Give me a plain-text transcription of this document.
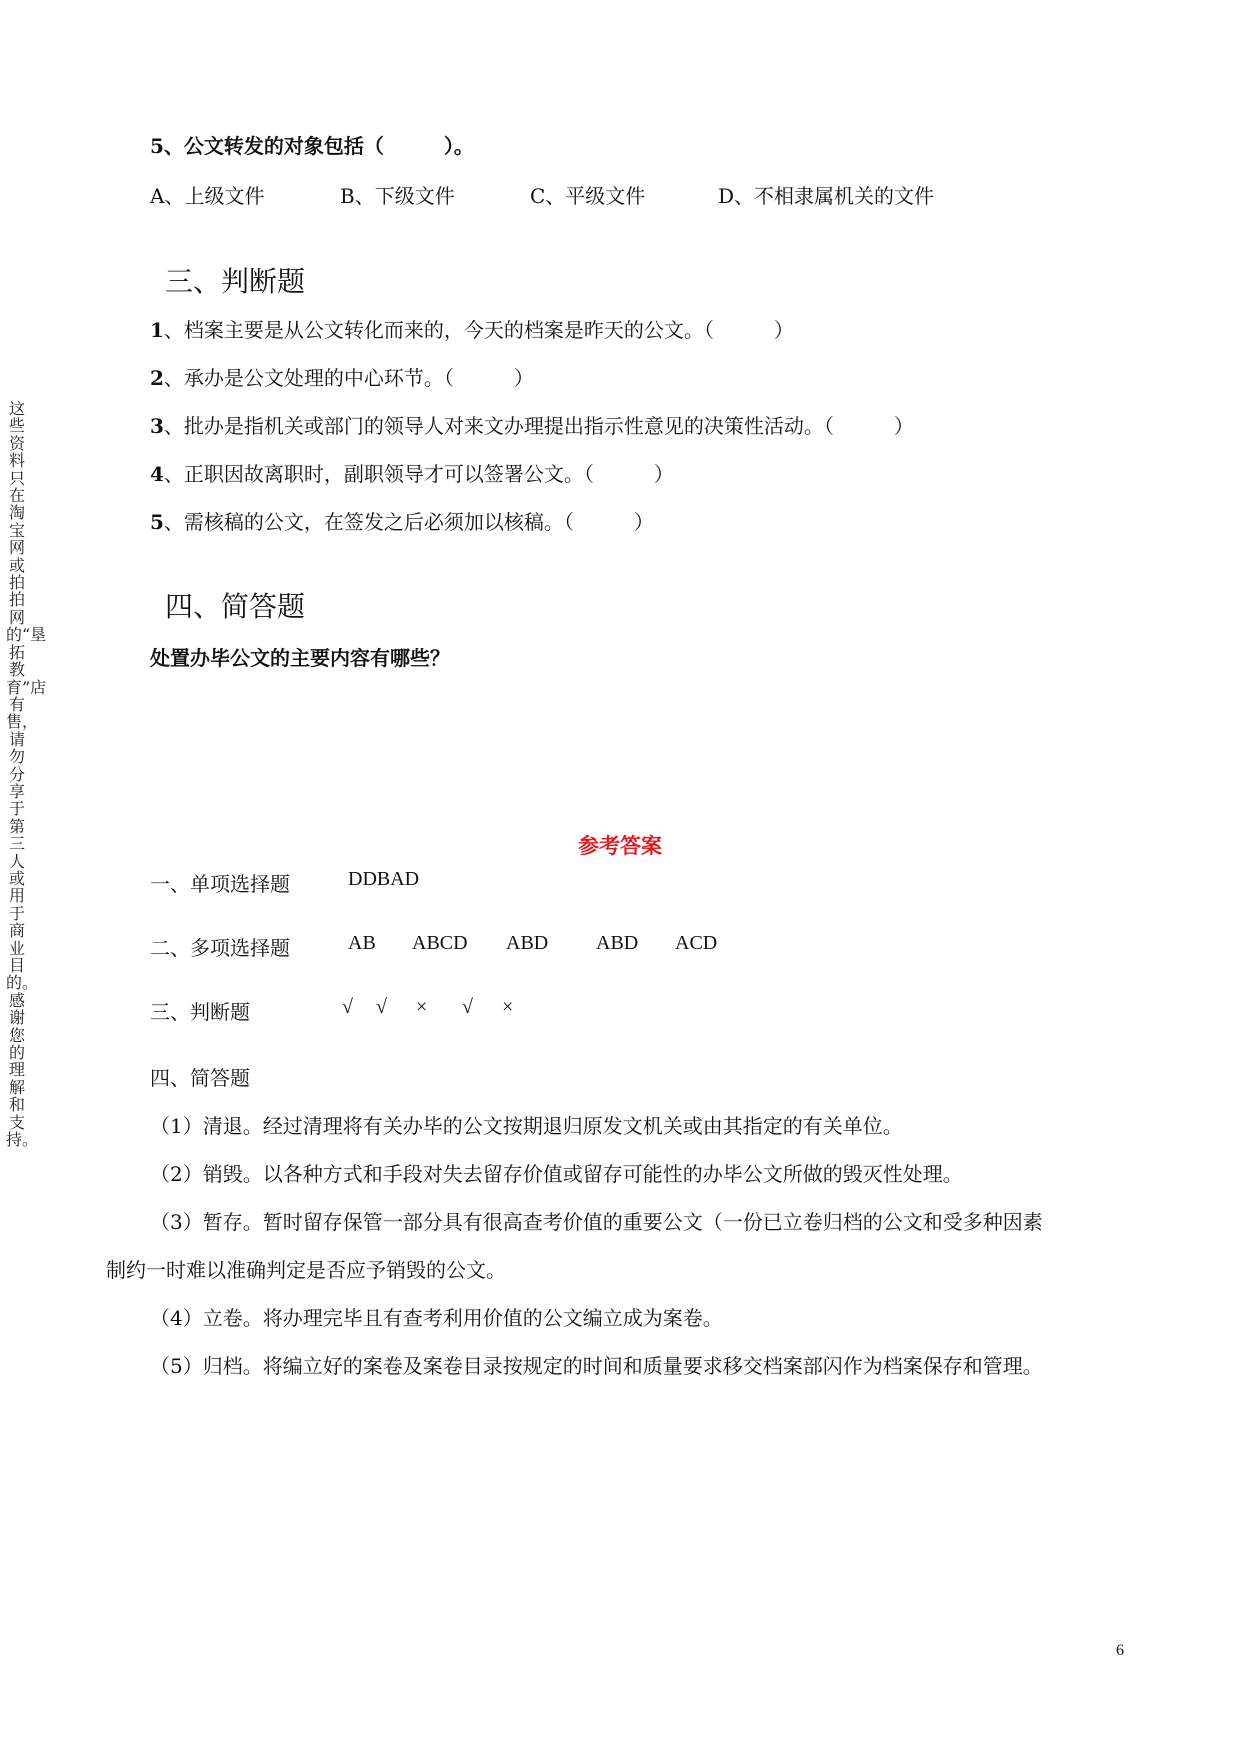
这些资料只在淘宝网或拍拍网的“垦拓教育”店有售，请勿分享于第三人或用于商业目的。感谢您的理解和支持。
5、公文转发的对象包括（　　　）。
A、上级文件	B、下级文件	C、平级文件	D、不相隶属机关的文件
三、判断题
1、档案主要是从公文转化而来的，今天的档案是昨天的公文。（　　　）
2、承办是公文处理的中心环节。（　　　）
3、批办是指机关或部门的领导人对来文办理提出指示性意见的决策性活动。（　　　）
4、正职因故离职时，副职领导才可以签署公文。（　　　）
5、需核稿的公文，在签发之后必须加以核稿。（　　　）
四、简答题
处置办毕公文的主要内容有哪些？
参考答案
一、单项选择题	DDBAD
二、多项选择题	AB ABCD ABD ABD ACD
三、判断题	√ √ × √ ×
四、简答题
（1）清退。经过清理将有关办毕的公文按期退归原发文机关或由其指定的有关单位。
（2）销毁。以各种方式和手段对失去留存价值或留存可能性的办毕公文所做的毁灭性处理。
（3）暂存。暂时留存保管一部分具有很高查考价值的重要公文（一份已立卷归档的公文和受多种因素
制约一时难以准确判定是否应予销毁的公文。
（4）立卷。将办理完毕且有查考利用价值的公文编立成为案卷。
（5）归档。将编立好的案卷及案卷目录按规定的时间和质量要求移交档案部闪作为档案保存和管理。
6
